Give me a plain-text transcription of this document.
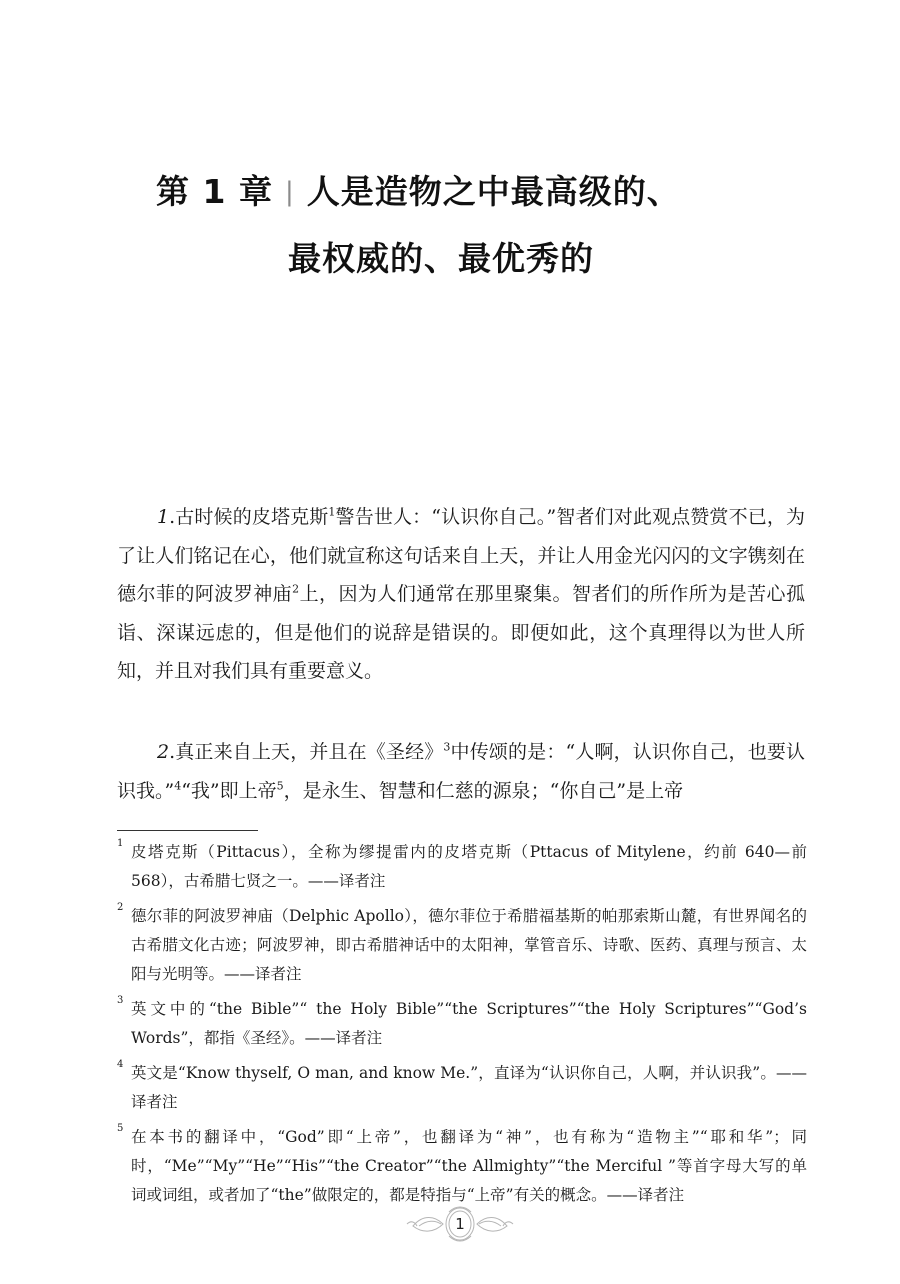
第 1 章 | 人是造物之中最高级的、
最权威的、最优秀的
1.古时候的皮塔克斯$^1$警告世人：“认识你自己。”智者们对此观点赞赏不已，为了让人们铭记在心，他们就宣称这句话来自上天，并让人用金光闪闪的文字镌刻在德尔菲的阿波罗神庙$^2$上，因为人们通常在那里聚集。智者们的所作所为是苦心孤诣、深谋远虑的，但是他们的说辞是错误的。即便如此，这个真理得以为世人所知，并且对我们具有重要意义。
2.真正来自上天，并且在《圣经》$^3$中传颂的是：“人啊，认识你自己，也要认识我。”$^4$“我”即上帝$^5$，是永生、智慧和仁慈的源泉；“你自己”是上帝
1 皮塔克斯（Pittacus），全称为缪提雷内的皮塔克斯（Pttacus of Mitylene，约前 640—前 568），古希腊七贤之一。——译者注
2 德尔菲的阿波罗神庙（Delphic Apollo），德尔菲位于希腊福基斯的帕那索斯山麓，有世界闻名的古希腊文化古迹；阿波罗神，即古希腊神话中的太阳神，掌管音乐、诗歌、医药、真理与预言、太阳与光明等。——译者注
3 英文中的“the Bible”“ the Holy Bible”“the Scriptures”“the Holy Scriptures”“God’s Words”，都指《圣经》。——译者注
4 英文是“Know thyself, O man, and know Me.”，直译为“认识你自己，人啊，并认识我”。——译者注
5 在本书的翻译中，“God”即“上帝”，也翻译为“神”，也有称为“造物主”“耶和华”；同时，“Me”“My”“He”“His”“the Creator”“the Allmighty”“the Merciful ”等首字母大写的单词或词组，或者加了“the”做限定的，都是特指与“上帝”有关的概念。——译者注
1
